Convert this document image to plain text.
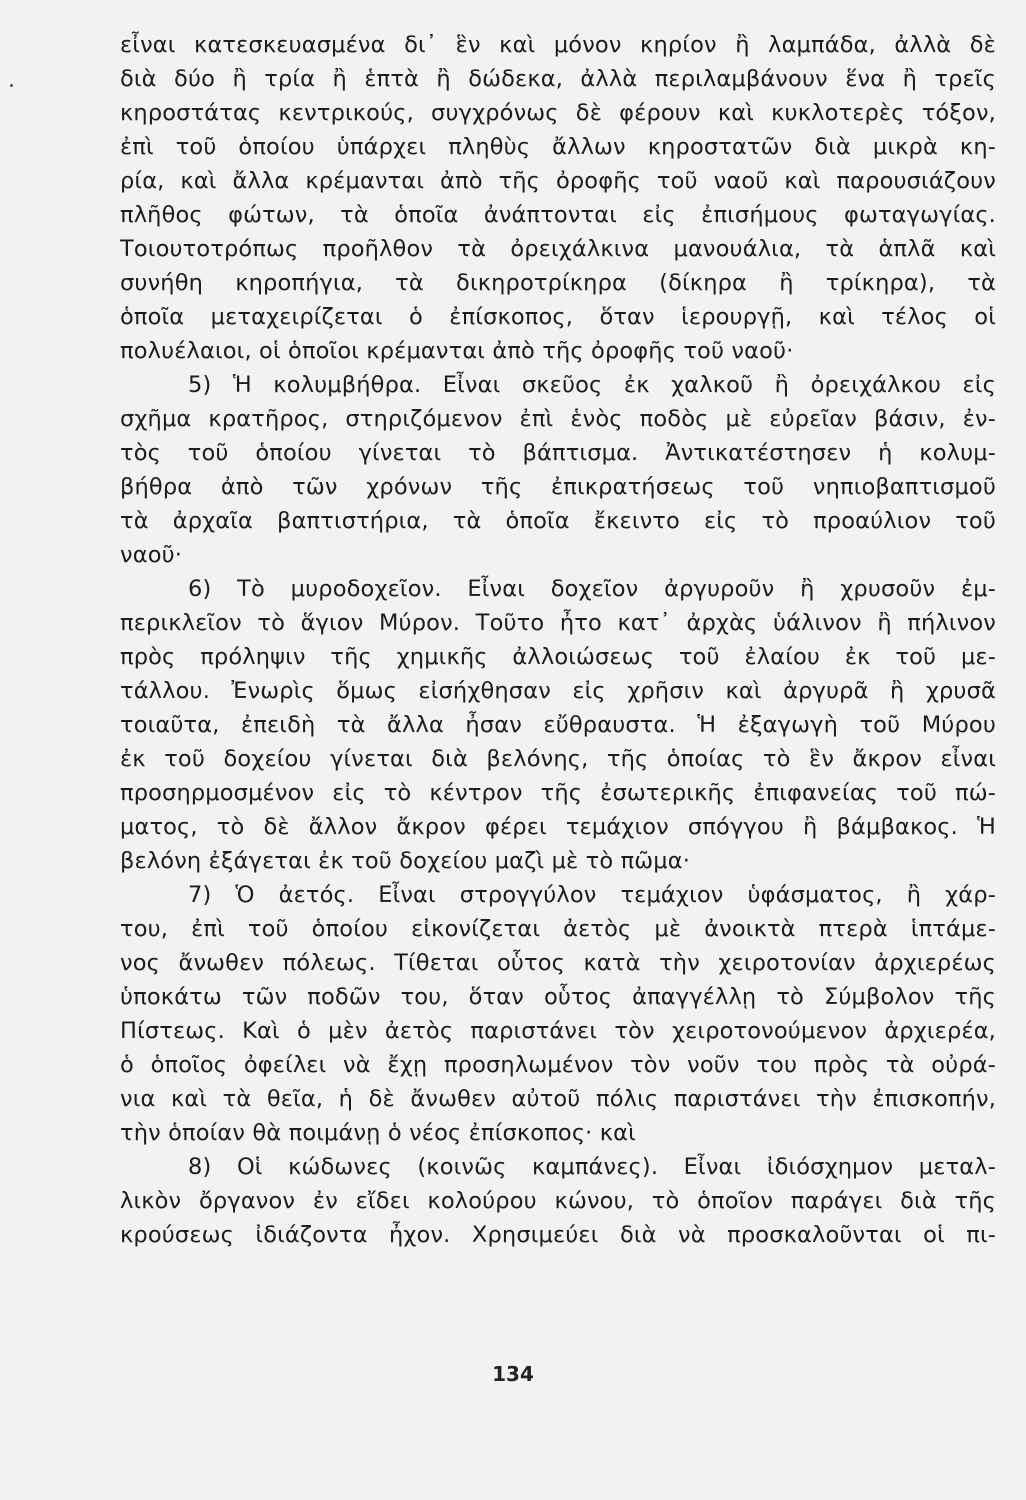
εἶναι κατεσκευασμένα δι᾽ ἓν καὶ μόνον κηρίον ἢ λαμπάδα, ἀλλὰ δὲ
διὰ δύο ἢ τρία ἢ ἑπτὰ ἢ δώδεκα, ἀλλὰ περιλαμβάνουν ἕνα ἢ τρεῖς
κηροστάτας κεντρικούς, συγχρόνως δὲ φέρουν καὶ κυκλοτερὲς τόξον,
ἐπὶ τοῦ ὁποίου ὑπάρχει πληθὺς ἄλλων κηροστατῶν διὰ μικρὰ κη-
ρία, καὶ ἄλλα κρέμανται ἀπὸ τῆς ὀροφῆς τοῦ ναοῦ καὶ παρουσιάζουν
πλῆθος φώτων, τὰ ὁποῖα ἀνάπτονται εἰς ἐπισήμους φωταγωγίας.
Τοιουτοτρόπως προῆλθον τὰ ὀρειχάλκινα μανουάλια, τὰ ἁπλᾶ καὶ
συνήθη κηροπήγια, τὰ δικηροτρίκηρα (δίκηρα ἢ τρίκηρα), τὰ
ὁποῖα μεταχειρίζεται ὁ ἐπίσκοπος, ὅταν ἱερουργῇ, καὶ τέλος οἱ
πολυέλαιοι, οἱ ὁποῖοι κρέμανται ἀπὸ τῆς ὀροφῆς τοῦ ναοῦ·
5) Ἡ κολυμβήθρα. Εἶναι σκεῦος ἐκ χαλκοῦ ἢ ὀρειχάλκου εἰς
σχῆμα κρατῆρος, στηριζόμενον ἐπὶ ἑνὸς ποδὸς μὲ εὐρεῖαν βάσιν, ἐν-
τὸς τοῦ ὁποίου γίνεται τὸ βάπτισμα. Ἀντικατέστησεν ἡ κολυμ-
βήθρα ἀπὸ τῶν χρόνων τῆς ἐπικρατήσεως τοῦ νηπιοβαπτισμοῦ
τὰ ἀρχαῖα βαπτιστήρια, τὰ ὁποῖα ἔκειντο εἰς τὸ προαύλιον τοῦ
ναοῦ·
6) Τὸ μυροδοχεῖον. Εἶναι δοχεῖον ἀργυροῦν ἢ χρυσοῦν ἐμ-
περικλεῖον τὸ ἅγιον Μύρον. Τοῦτο ἦτο κατ᾽ ἀρχὰς ὑάλινον ἢ πήλινον
πρὸς πρόληψιν τῆς χημικῆς ἀλλοιώσεως τοῦ ἐλαίου ἐκ τοῦ με-
τάλλου. Ἐνωρὶς ὅμως εἰσήχθησαν εἰς χρῆσιν καὶ ἀργυρᾶ ἢ χρυσᾶ
τοιαῦτα, ἐπειδὴ τὰ ἄλλα ἦσαν εὔθραυστα. Ἡ ἐξαγωγὴ τοῦ Μύρου
ἐκ τοῦ δοχείου γίνεται διὰ βελόνης, τῆς ὁποίας τὸ ἓν ἄκρον εἶναι
προσηρμοσμένον εἰς τὸ κέντρον τῆς ἐσωτερικῆς ἐπιφανείας τοῦ πώ-
ματος, τὸ δὲ ἄλλον ἄκρον φέρει τεμάχιον σπόγγου ἢ βάμβακος. Ἡ
βελόνη ἐξάγεται ἐκ τοῦ δοχείου μαζὶ μὲ τὸ πῶμα·
7) Ὁ ἀετός. Εἶναι στρογγύλον τεμάχιον ὑφάσματος, ἢ χάρ-
του, ἐπὶ τοῦ ὁποίου εἰκονίζεται ἀετὸς μὲ ἀνοικτὰ πτερὰ ἱπτάμε-
νος ἄνωθεν πόλεως. Τίθεται οὗτος κατὰ τὴν χειροτονίαν ἀρχιερέως
ὑποκάτω τῶν ποδῶν του, ὅταν οὗτος ἀπαγγέλλῃ τὸ Σύμβολον τῆς
Πίστεως. Καὶ ὁ μὲν ἀετὸς παριστάνει τὸν χειροτονούμενον ἀρχιερέα,
ὁ ὁποῖος ὀφείλει νὰ ἔχῃ προσηλωμένον τὸν νοῦν του πρὸς τὰ οὐρά-
νια καὶ τὰ θεῖα, ἡ δὲ ἄνωθεν αὐτοῦ πόλις παριστάνει τὴν ἐπισκοπήν,
τὴν ὁποίαν θὰ ποιμάνῃ ὁ νέος ἐπίσκοπος· καὶ
8) Οἱ κώδωνες (κοινῶς καμπάνες). Εἶναι ἰδιόσχημον μεταλ-
λικὸν ὄργανον ἐν εἴδει κολούρου κώνου, τὸ ὁποῖον παράγει διὰ τῆς
κρούσεως ἰδιάζοντα ἦχον. Χρησιμεύει διὰ νὰ προσκαλοῦνται οἱ πι-
134
